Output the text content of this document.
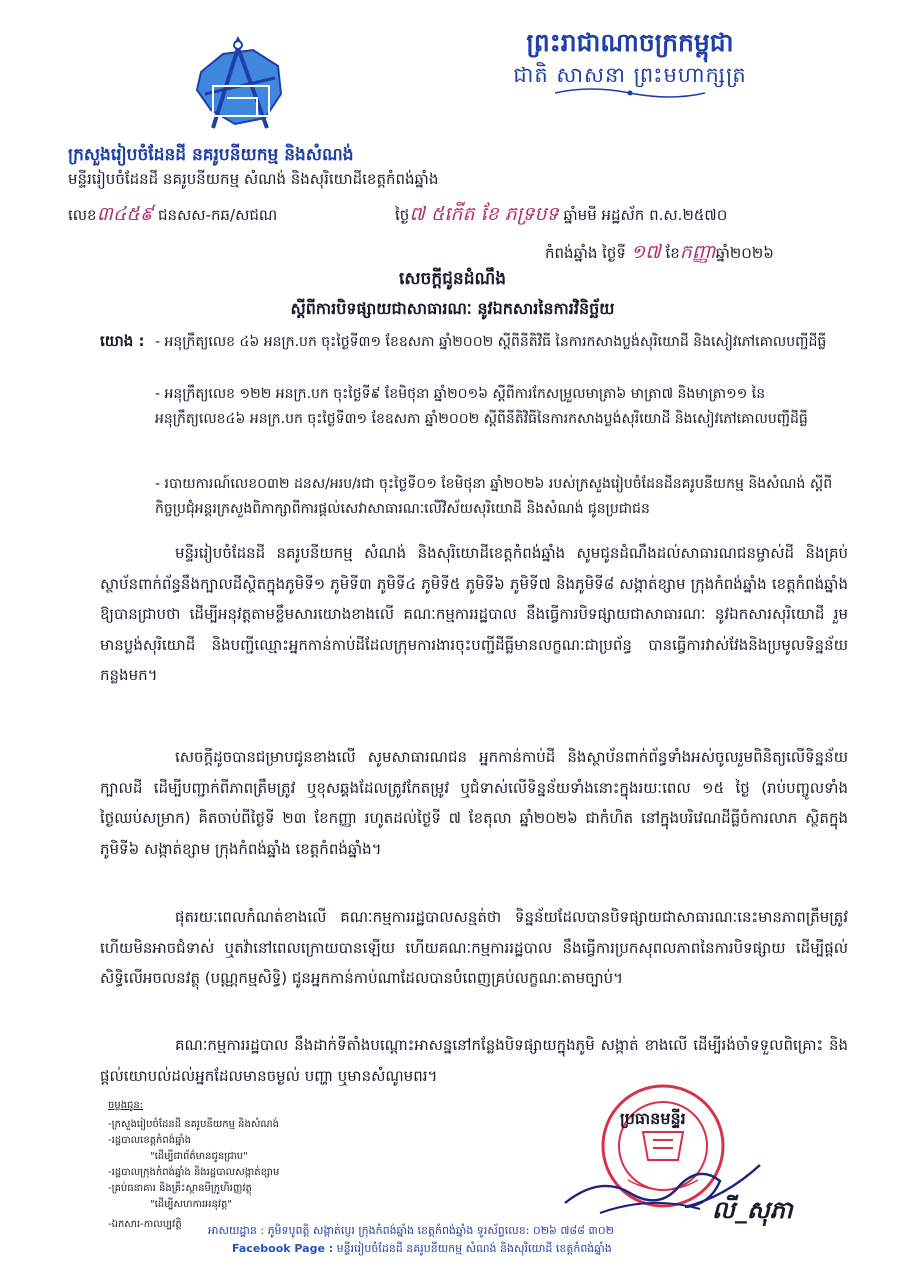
ព្រះរាជាណាចក្រកម្ពុជា
ជាតិ សាសនា ព្រះមហាក្សត្រ
ក្រសួងរៀបចំដែនដី នគរូបនីយកម្ម និងសំណង់
មន្ទីររៀបចំដែនដី នគរូបនីយកម្ម សំណង់ និងសុរិយោដីខេត្តកំពង់ឆ្នាំង
លេខ៣៤៥៩ ជនសស-កឆ/សជណ	ថ្ងៃ៧ ៥កើត ខែ ភទ្របទ ឆ្នាំមមី អដ្ឋស័ក ព.ស.២៥៧០
កំពង់ឆ្នាំង ថ្ងៃទី ១៧ ខែកញ្ញាឆ្នាំ២០២៦
សេចក្តីជូនដំណឹង
ស្តីពីការបិទផ្សាយជាសាធារណៈ នូវឯកសារនៃការវិនិច្ឆ័យ
យោង : - អនុក្រឹត្យលេខ ៤៦ អនក្រ.បក ចុះថ្ងៃទី៣១ ខែឧសភា ឆ្នាំ២០០២ ស្តីពីនីតិវិធី នៃការកសាងប្លង់សុរិយោដី និងសៀវភៅគោលបញ្ជីដីធ្លី
- អនុក្រឹត្យលេខ ១២២ អនក្រ.បក ចុះថ្ងៃទី៩ ខែមិថុនា ឆ្នាំ២០១៦ ស្តីពីការកែសម្រួលមាត្រា៦ មាត្រា៧ និងមាត្រា១១ នៃអនុក្រឹត្យលេខ៤៦ អនក្រ.បក ចុះថ្ងៃទី៣១ ខែឧសភា ឆ្នាំ២០០២ ស្តីពីនីតិវិធីនៃការកសាងប្លង់សុរិយោដី និងសៀវភៅគោលបញ្ជីដីធ្លី
- របាយការណ៍លេខ០៣២ ដនស/អរប/រជា ចុះថ្ងៃទី០១ ខែមិថុនា ឆ្នាំ២០២៦ របស់ក្រសួងរៀបចំដែនដីនគរូបនីយកម្ម និងសំណង់ ស្តីពីកិច្ចប្រជុំអន្តរក្រសួងពិភាក្សាពីការផ្តល់សេវាសាធារណៈលើវិស័យសុរិយោដី និងសំណង់ ជូនប្រជាជន
មន្ទីររៀបចំដែនដី នគរូបនីយកម្ម សំណង់ និងសុរិយោដីខេត្តកំពង់ឆ្នាំង សូមជូនដំណឹងដល់សាធារណជនម្ចាស់ដី និងគ្រប់ស្ថាប័នពាក់ព័ន្ធនឹងក្បាលដីស្ថិតក្នុងភូមិទី១ ភូមិទី៣ ភូមិទី៤ ភូមិទី៥ ភូមិទី៦ ភូមិទី៧ និងភូមិទី៨ សង្កាត់ខ្សាម ក្រុងកំពង់ឆ្នាំង ខេត្តកំពង់ឆ្នាំង ឱ្យបានជ្រាបថា ដើម្បីអនុវត្តតាមខ្លឹមសារយោងខាងលើ គណៈកម្មការរដ្ឋបាល នឹងធ្វើការបិទផ្សាយជាសាធារណៈ នូវឯកសារសុរិយោដី រួមមានប្លង់សុរិយោដី និងបញ្ជីឈ្មោះអ្នកកាន់កាប់ដីដែលក្រុមការងារចុះបញ្ជីដីធ្លីមានលក្ខណៈជាប្រព័ន្ធ បានធ្វើការវាស់វែងនិងប្រមូលទិន្នន័យកន្លងមក។
សេចក្តីដូចបានជម្រាបជូនខាងលើ សូមសាធារណជន អ្នកកាន់កាប់ដី និងស្ថាប័នពាក់ព័ន្ធទាំងអស់ចូលរួមពិនិត្យលើទិន្នន័យក្បាលដី ដើម្បីបញ្ជាក់ពីភាពត្រឹមត្រូវ ឬខុសឆ្គងដែលត្រូវកែតម្រូវ ឬជំទាស់លើទិន្នន័យទាំងនោះក្នុងរយៈពេល ១៥ ថ្ងៃ (រាប់បញ្ចូលទាំងថ្ងៃឈប់សម្រាក) គិតចាប់ពីថ្ងៃទី ២៣ ខែកញ្ញា រហូតដល់ថ្ងៃទី ៧ ខែតុលា ឆ្នាំ២០២៦ ជាកំហិត នៅក្នុងបរិវេណដីធ្លីចំការលាភ ស្ថិតក្នុងភូមិទី៦ សង្កាត់ខ្សាម ក្រុងកំពង់ឆ្នាំង ខេត្តកំពង់ឆ្នាំង។
ផុតរយៈពេលកំណត់ខាងលើ គណៈកម្មការរដ្ឋបាលសន្មត់ថា ទិន្នន័យដែលបានបិទផ្សាយជាសាធារណៈនេះមានភាពត្រឹមត្រូវ ហើយមិនអាចជំទាស់ ឬតវ៉ានៅពេលក្រោយបានឡើយ ហើយគណៈកម្មការរដ្ឋបាល នឹងធ្វើការប្រកសុពលភាពនៃការបិទផ្សាយ ដើម្បីផ្តល់សិទ្ធិលើអចលនវត្ថុ (បណ្ណកម្មសិទ្ធិ) ជូនអ្នកកាន់កាប់ណាដែលបានបំពេញគ្រប់លក្ខណៈតាមច្បាប់។
គណៈកម្មការរដ្ឋបាល នឹងដាក់ទីតាំងបណ្តោះអាសន្ននៅកន្លែងបិទផ្សាយក្នុងភូមិ សង្កាត់ ខាងលើ ដើម្បីរង់ចាំទទួលពិគ្រោះ និងផ្តល់យោបល់ដល់អ្នកដែលមានចម្ងល់ បញ្ហា ឬមានសំណូមពរ។
ចម្លងជូន:
-ក្រសួងរៀបចំដែនដី នគរូបនីយកម្ម និងសំណង់
-រដ្ឋបាលខេត្តកំពង់ឆ្នាំង
"ដើម្បីជាព័ត៌មានជូនជ្រាប"
-រដ្ឋបាលក្រុងកំពង់ឆ្នាំង និងរដ្ឋបាលសង្កាត់ខ្សាម
-គ្រប់ធនាគារ និងគ្រឹះស្ថានមីក្រូហិរញ្ញវត្ថុ
"ដើម្បីសហការអនុវត្ត"
-ឯកសារ-កាលប្បវត្តិ
ប្រធានមន្ទីរ
លី_សុភា
អាសយដ្ឋាន : ភូមិទបូពត្តិ សង្កាត់ប្ញេរ ក្រុងកំពង់ឆ្នាំង ខេត្តកំពង់ឆ្នាំង ទូរស័ព្ទលេខ: ០២៦ ៧៨៨ ៣០២
Facebook Page : មន្ទីររៀបចំដែនដី នគរូបនីយកម្ម សំណង់ និងសុរិយោដី ខេត្តកំពង់ឆ្នាំង
